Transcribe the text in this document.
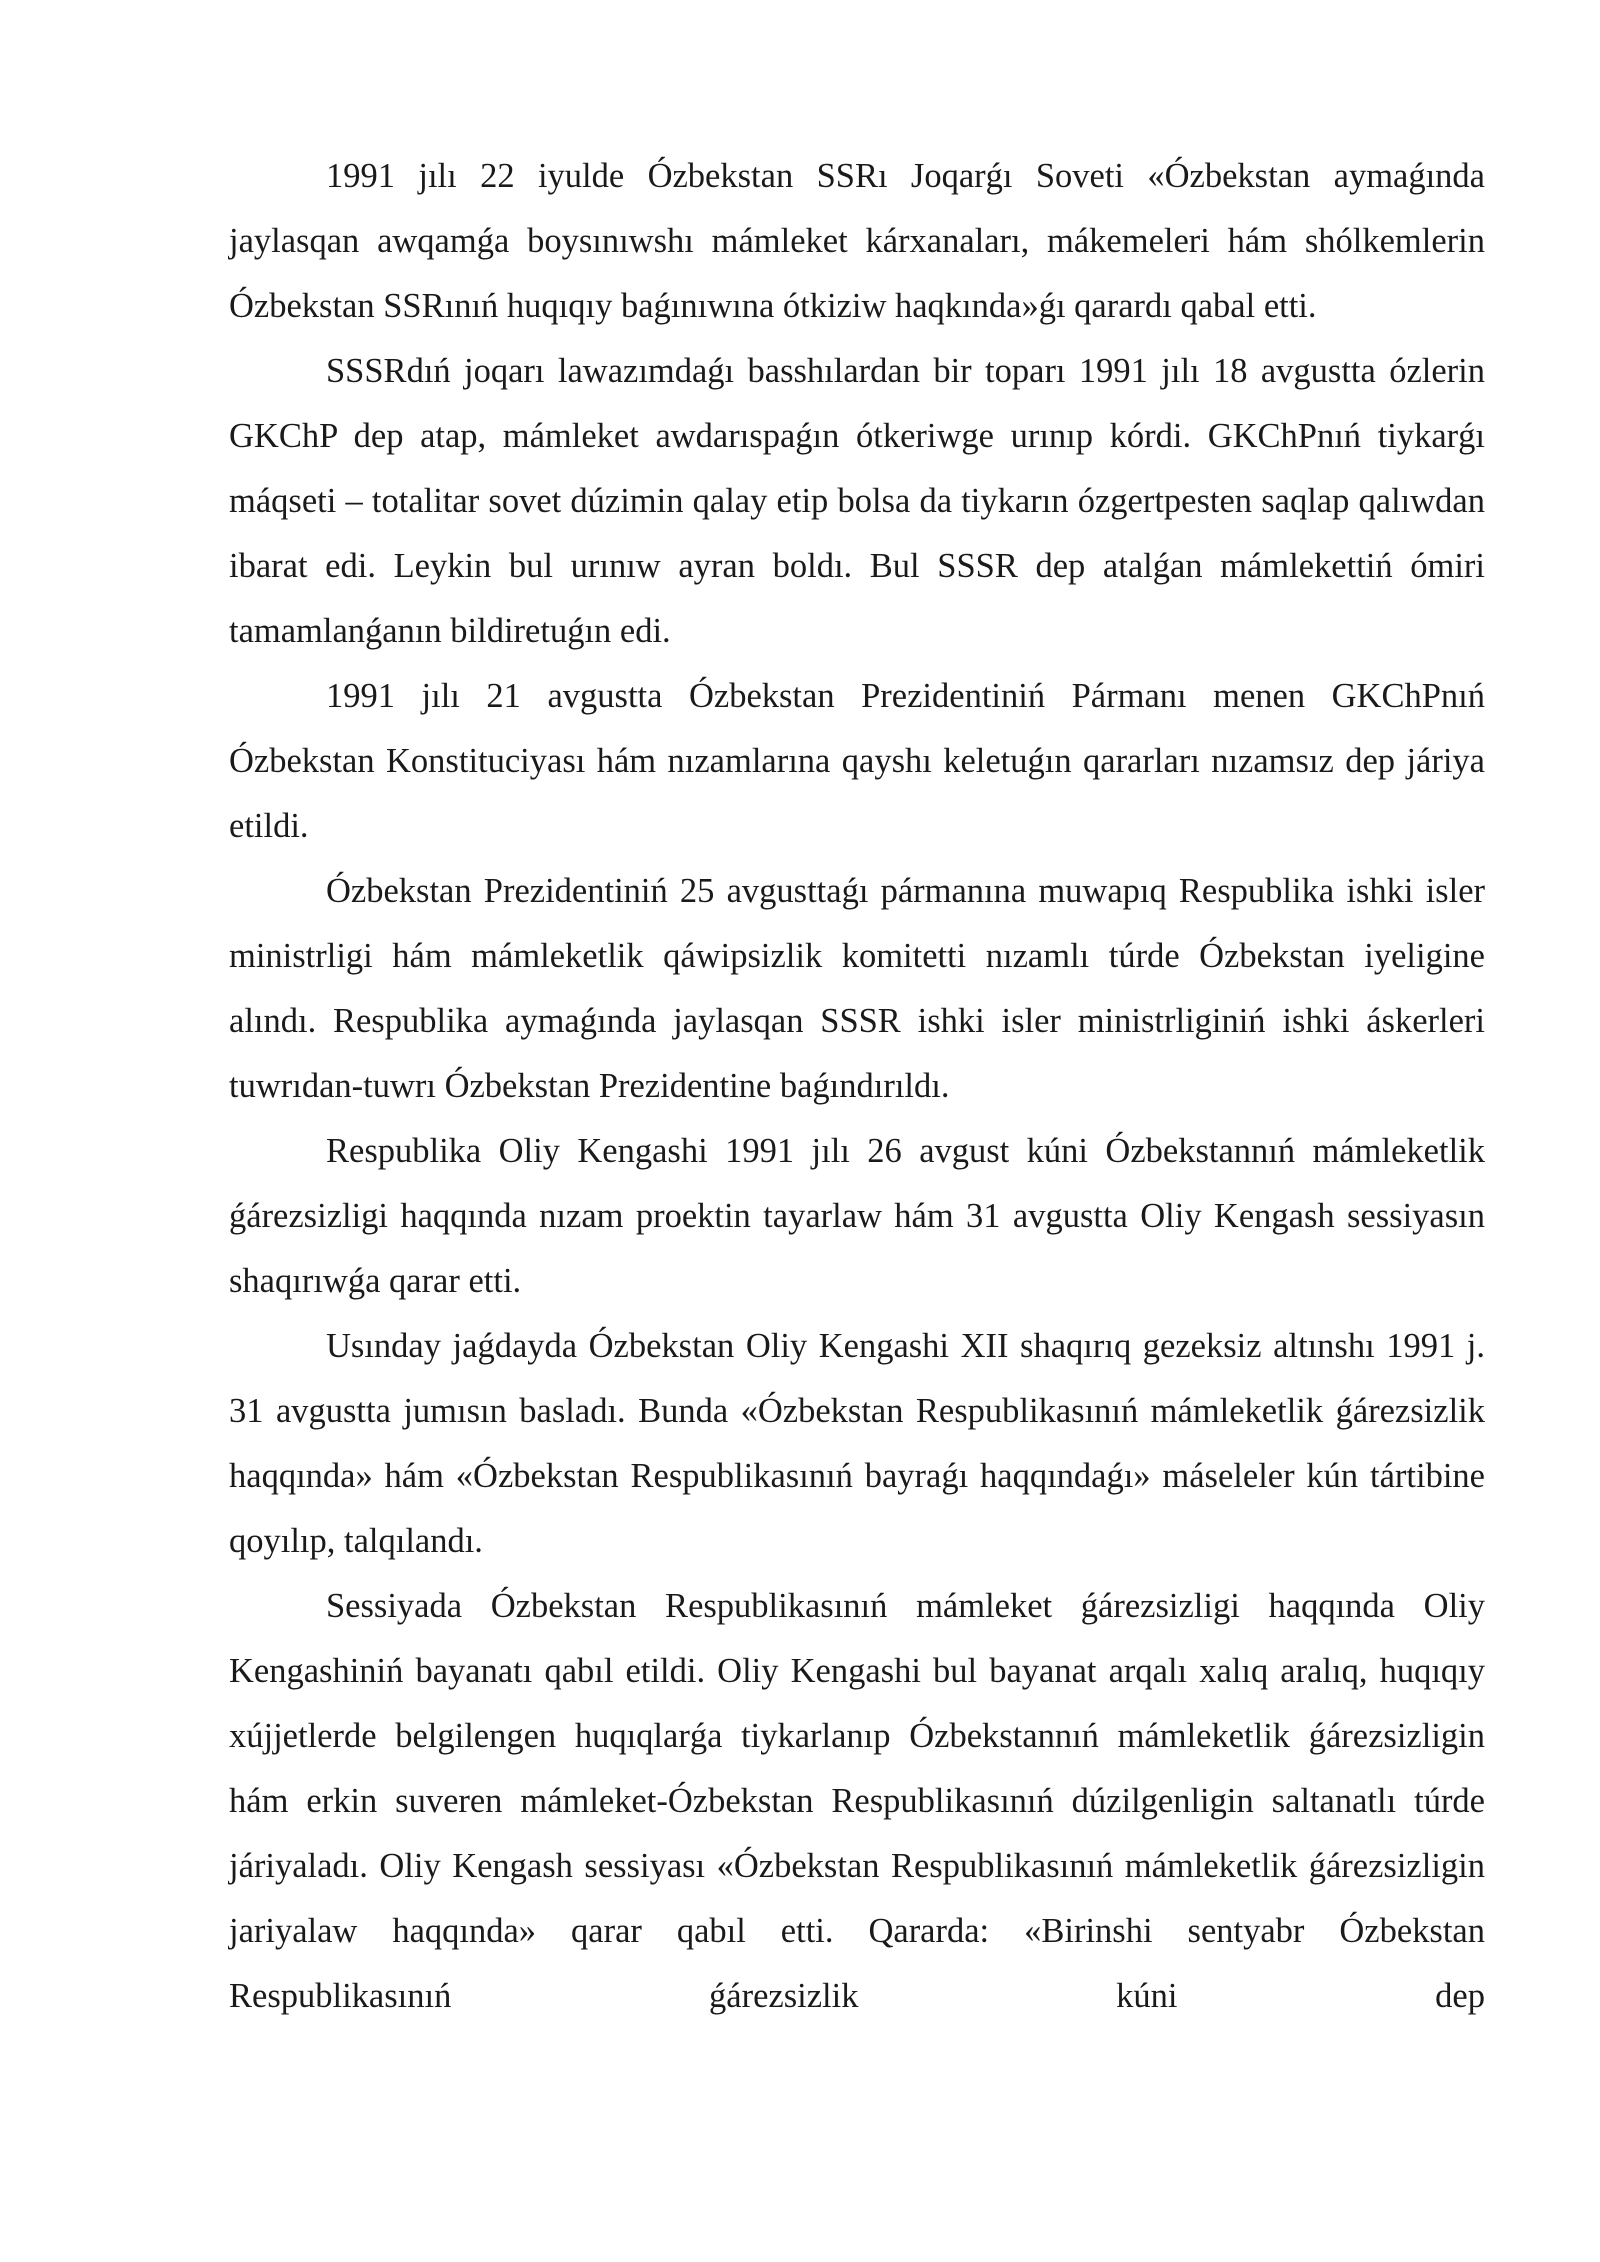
1991 jılı 22 iyulde Ózbekstan SSRı Joqarǵı Soveti «Ózbekstan aymaǵında jaylasqan awqamǵa boysınıwshı mámleket kárxanaları, mákemeleri hám shólkemlerin Ózbekstan SSRınıń huqıqıy baǵınıwına ótkiziw haqkında»ǵı qarardı qabal etti.

SSSRdıń joqarı lawazımdaǵı basshılardan bir toparı 1991 jılı 18 avgustta ózlerin GKChP dep atap, mámleket awdarıspaǵın ótkeriwge urınıp kórdi. GKChPnıń tiykarǵı máqseti – totalitar sovet dúzimin qalay etip bolsa da tiykarın ózgertpesten saqlap qalıwdan ibarat edi. Leykin bul urınıw ayran boldı. Bul SSSR dep atalǵan mámlekettiń ómiri tamamlanǵanın bildiretuǵın edi.

1991 jılı 21 avgustta Ózbekstan Prezidentiniń Pármanı menen GKChPnıń Ózbekstan Konstituciyası hám nızamlarına qayshı keletuǵın qararları nızamsız dep járiya etildi.

Ózbekstan Prezidentiniń 25 avgusttaǵı pármanına muwapıq Respublika ishki isler ministrligi hám mámleketlik qáwipsizlik komitetti nızamlı túrde Ózbekstan iyeligine alındı. Respublika aymaǵında jaylasqan SSSR ishki isler ministrliginiń ishki áskerleri tuwrıdan-tuwrı Ózbekstan Prezidentine baǵındırıldı.

Respublika Oliy Kengashi 1991 jılı 26 avgust kúni Ózbekstannıń mámleketlik ǵárezsizligi haqqında nızam proektin tayarlaw hám 31 avgustta Oliy Kengash sessiyasın shaqırıwǵa qarar etti.

Usınday jaǵdayda Ózbekstan Oliy Kengashi XII shaqırıq gezeksiz altınshı 1991 j. 31 avgustta jumısın basladı. Bunda «Ózbekstan Respublikasınıń mámleketlik ǵárezsizlik haqqında» hám «Ózbekstan Respublikasınıń bayraǵı haqqındaǵı» máseleler kún tártibine qoyılıp, talqılandı.

Sessiyada Ózbekstan Respublikasınıń mámleket ǵárezsizligi haqqında Oliy Kengashiniń bayanatı qabıl etildi. Oliy Kengashi bul bayanat arqalı xalıq aralıq, huqıqıy xújjetlerde belgilengen huqıqlarǵa tiykarlanıp Ózbekstannıń mámleketlik ǵárezsizligin hám erkin suveren mámleket-Ózbekstan Respublikasınıń dúzilgenligin saltanatlı túrde járiyaladı. Oliy Kengash sessiyası «Ózbekstan Respublikasınıń mámleketlik ǵárezsizligin jariyalaw haqqında» qarar qabıl etti. Qararda: «Birinshi sentyabr Ózbekstan Respublikasınıń ǵárezsizlik kúni dep
